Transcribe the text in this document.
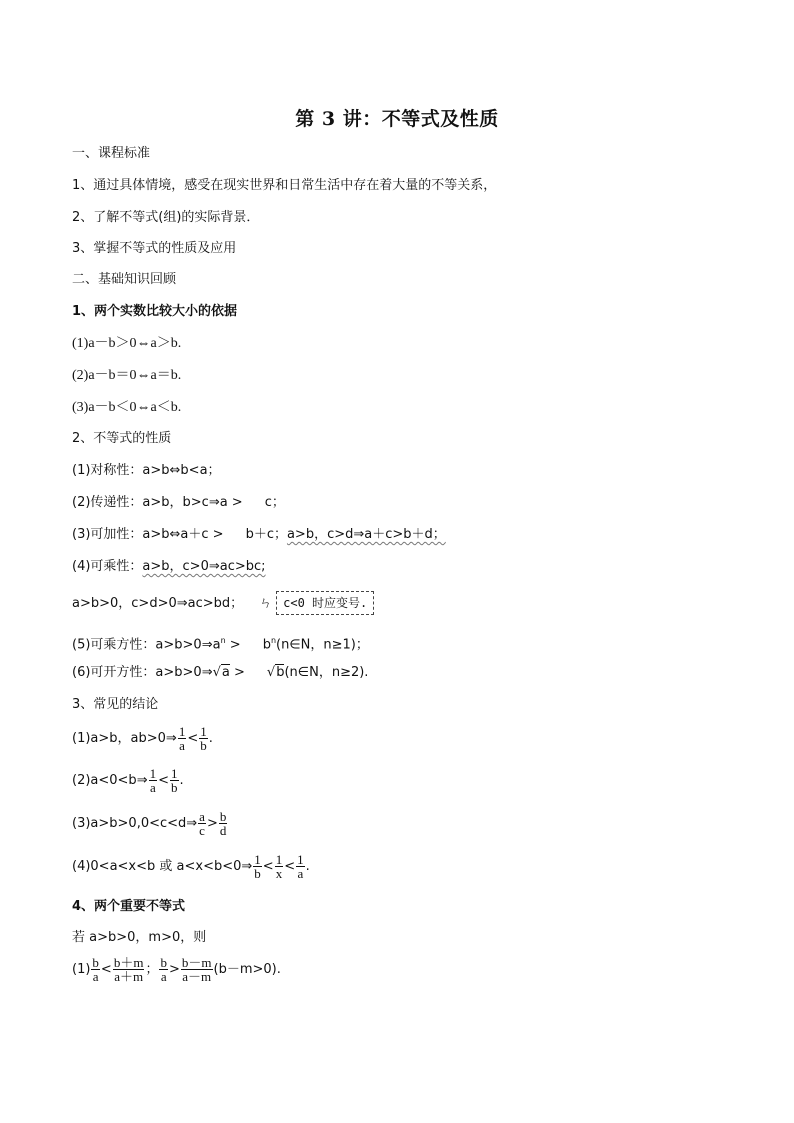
第 3 讲：不等式及性质
一、课程标准
1、通过具体情境，感受在现实世界和日常生活中存在着大量的不等关系，
2、了解不等式(组)的实际背景．
3、掌握不等式的性质及应用
二、基础知识回顾
1、两个实数比较大小的依据
(1)a－b＞0⇔a＞b.
(2)a－b＝0⇔a＝b.
(3)a－b＜0⇔a＜b.
2、不等式的性质
(1)对称性：a>b⇔b<a；
(2)传递性：a>b，b>c⇒a > c；
(3)可加性：a>b⇔a＋c > b＋c；a>b，c>d⇒a＋c>b＋d；
(4)可乘性：a>b，c>0⇒ac>bc;
a>b>0，c>d>0⇒ac>bd； ㄣ c<0 时应变号.
(5)可乘方性：$a>b>0\Rightarrow a^n$ > $b^n(n\in N$，n≥1)；
(6)可开方性：a>b>0⇒√a > √b(n∈N，n≥2).
3、常见的结论
(1)a>b，ab>0⇒ $\frac{1}{a} < \frac{1}{b}$ .
(2)a<0<b⇒ $\frac{1}{a} < \frac{1}{b}$ .
(3)a>b>0,0<c<d⇒ $\frac{a}{c} > \frac{b}{d}$
(4)0<a<x<b 或 a<x<b<0⇒ $\frac{1}{b} < \frac{1}{x} < \frac{1}{a}$ .
4、两个重要不等式
若 a>b>0，m>0，则
$(1) \frac{b}{a} < \frac{b+m}{a+m}$ ； $\frac{b}{a} > \frac{b-m}{a-m} (b-m>0)$.
